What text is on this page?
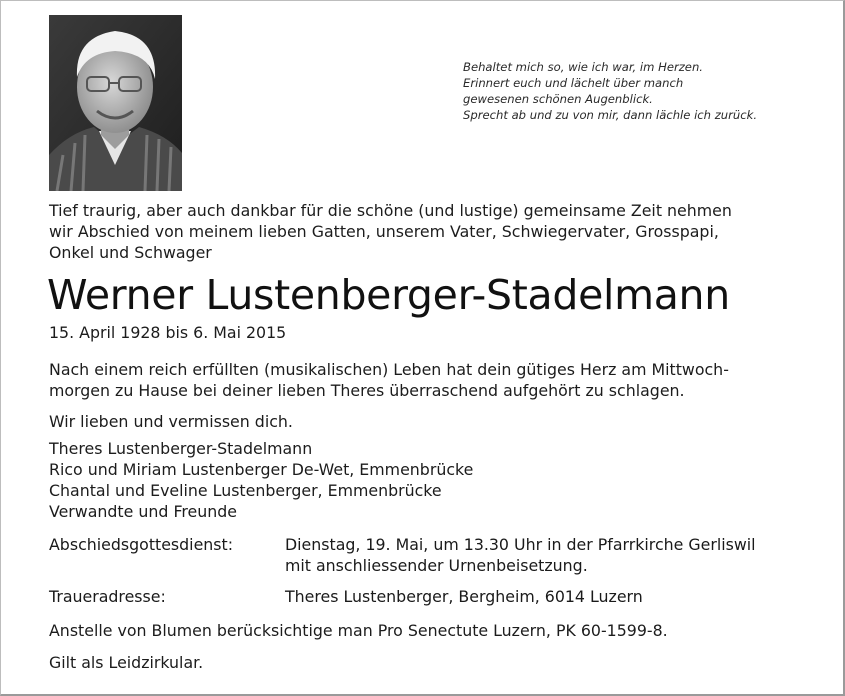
Behaltet mich so, wie ich war, im Herzen.
Erinnert euch und lächelt über manch
gewesenen schönen Augenblick.
Sprecht ab und zu von mir, dann lächle ich zurück.
Tief traurig, aber auch dankbar für die schöne (und lustige) gemeinsame Zeit nehmen
wir Abschied von meinem lieben Gatten, unserem Vater, Schwiegervater, Grosspapi,
Onkel und Schwager
Werner Lustenberger-Stadelmann
15. April 1928 bis 6. Mai 2015
Nach einem reich erfüllten (musikalischen) Leben hat dein gütiges Herz am Mittwoch-
morgen zu Hause bei deiner lieben Theres überraschend aufgehört zu schlagen.
Wir lieben und vermissen dich.
Theres Lustenberger-Stadelmann
Rico und Miriam Lustenberger De-Wet, Emmenbrücke
Chantal und Eveline Lustenberger, Emmenbrücke
Verwandte und Freunde
Abschiedsgottesdienst:	Dienstag, 19. Mai, um 13.30 Uhr in der Pfarrkirche Gerliswil
mit anschliessender Urnenbeisetzung.
Traueradresse:	Theres Lustenberger, Bergheim, 6014 Luzern
Anstelle von Blumen berücksichtige man Pro Senectute Luzern, PK 60-1599-8.
Gilt als Leidzirkular.
